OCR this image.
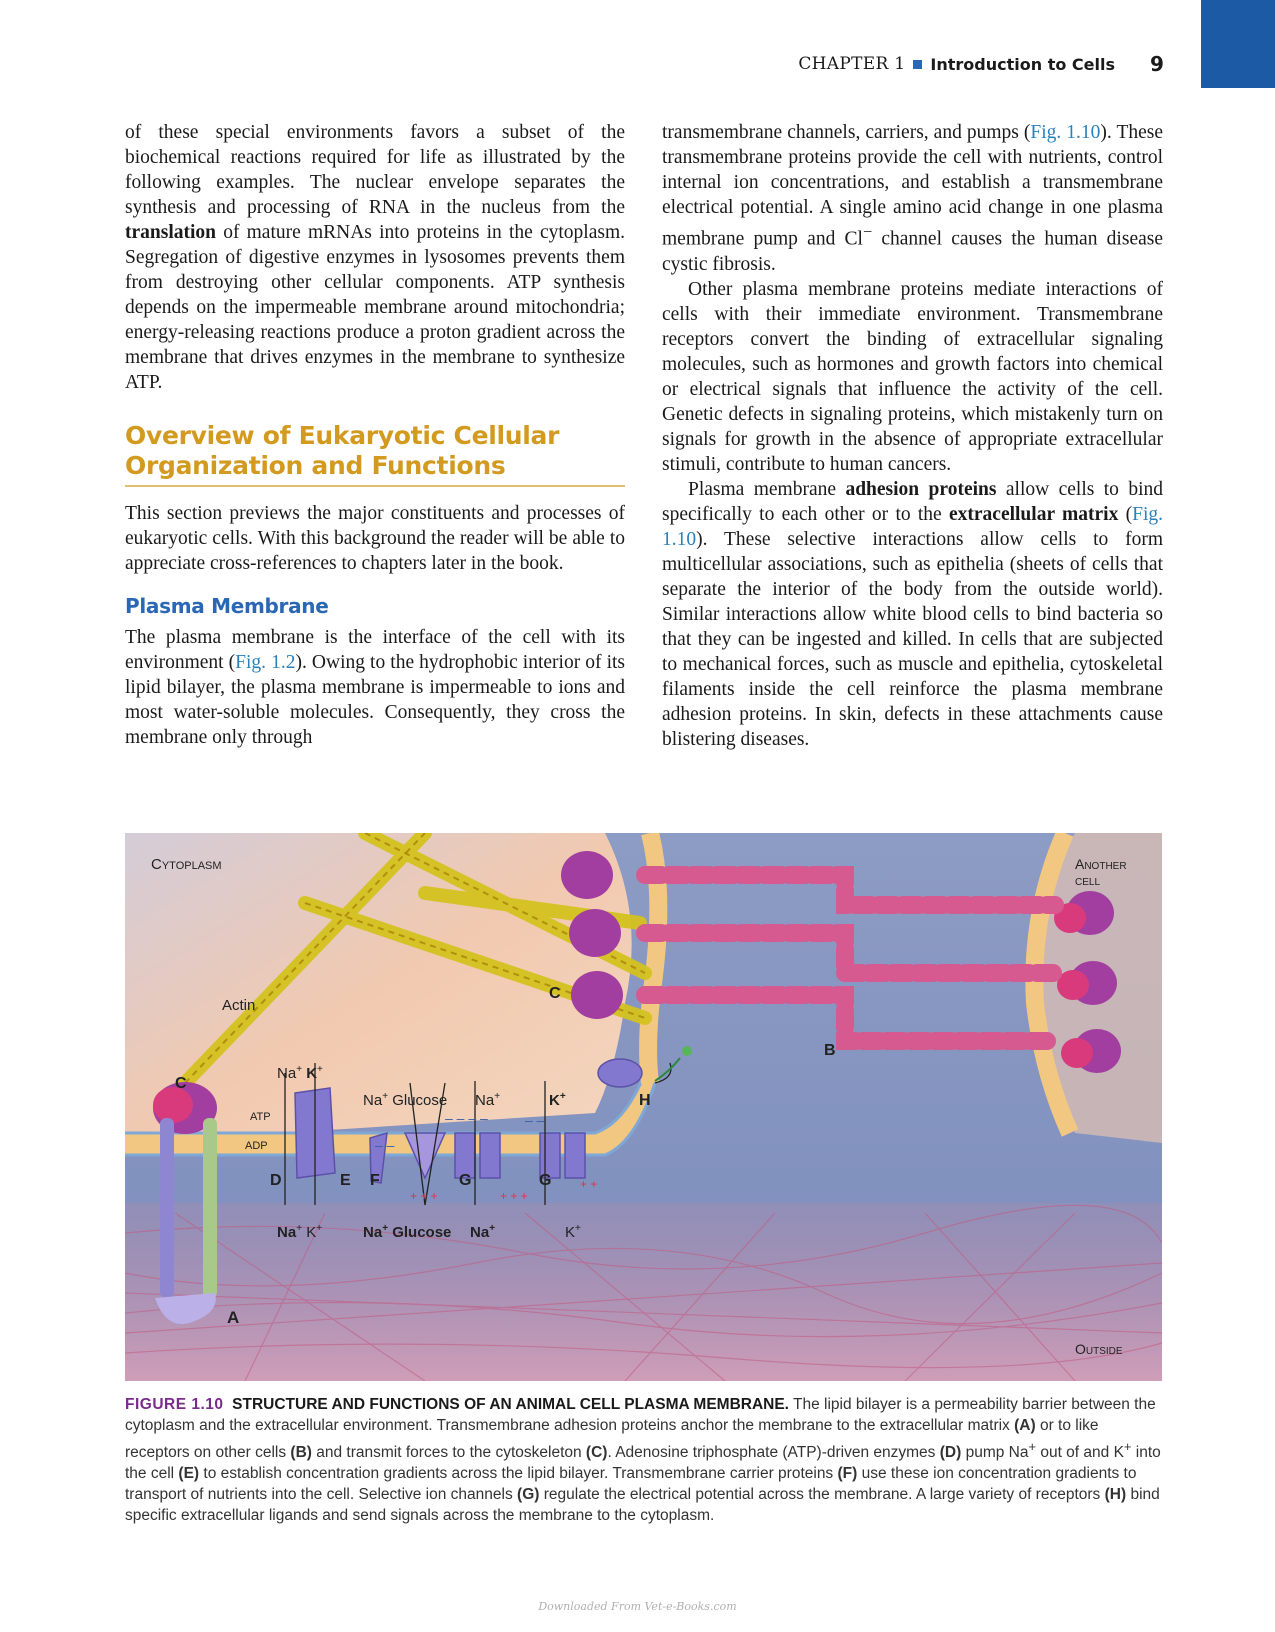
CHAPTER 1 Introduction to Cells 9

of these special environments favors a subset of the biochemical reactions required for life as illustrated by the following examples. The nuclear envelope separates the synthesis and processing of RNA in the nucleus from the translation of mature mRNAs into proteins in the cytoplasm. Segregation of digestive enzymes in lysosomes prevents them from destroying other cellular components. ATP synthesis depends on the impermeable membrane around mitochondria; energy-releasing reactions produce a proton gradient across the membrane that drives enzymes in the membrane to synthesize ATP.

Overview of Eukaryotic Cellular Organization and Functions

This section previews the major constituents and processes of eukaryotic cells. With this background the reader will be able to appreciate cross-references to chapters later in the book.

Plasma Membrane

The plasma membrane is the interface of the cell with its environment (Fig. 1.2). Owing to the hydrophobic interior of its lipid bilayer, the plasma membrane is impermeable to ions and most water-soluble molecules. Consequently, they cross the membrane only through

transmembrane channels, carriers, and pumps (Fig. 1.10). These transmembrane proteins provide the cell with nutrients, control internal ion concentrations, and establish a transmembrane electrical potential. A single amino acid change in one plasma membrane pump and Cl− channel causes the human disease cystic fibrosis.

Other plasma membrane proteins mediate interactions of cells with their immediate environment. Transmembrane receptors convert the binding of extracellular signaling molecules, such as hormones and growth factors into chemical or electrical signals that influence the activity of the cell. Genetic defects in signaling proteins, which mistakenly turn on signals for growth in the absence of appropriate extracellular stimuli, contribute to human cancers.

Plasma membrane adhesion proteins allow cells to bind specifically to each other or to the extracellular matrix (Fig. 1.10). These selective interactions allow cells to form multicellular associations, such as epithelia (sheets of cells that separate the interior of the body from the outside world). Similar interactions allow white blood cells to bind bacteria so that they can be ingested and killed. In cells that are subjected to mechanical forces, such as muscle and epithelia, cytoskeletal filaments inside the cell reinforce the plasma membrane adhesion proteins. In skin, defects in these attachments cause blistering diseases.

+ + +	+ + +
+ +
– –
– – – –	– –
Cytoplasm	Another
cell
Outside
Actin
A
B
C
C
D	E F	G	G
H
ATP
ADP
Na+ K+
Na+ Glucose Na+	K+
Na+ K+	Na+ Glucose Na+	K+
FIGURE 1.10 STRUCTURE AND FUNCTIONS OF AN ANIMAL CELL PLASMA MEMBRANE. The lipid bilayer is a permeability barrier between the cytoplasm and the extracellular environment. Transmembrane adhesion proteins anchor the membrane to the extracellular matrix (A) or to like receptors on other cells (B) and transmit forces to the cytoskeleton (C). Adenosine triphosphate (ATP)-driven enzymes (D) pump Na+ out of and K+ into the cell (E) to establish concentration gradients across the lipid bilayer. Transmembrane carrier proteins (F) use these ion concentration gradients to transport of nutrients into the cell. Selective ion channels (G) regulate the electrical potential across the membrane. A large variety of receptors (H) bind specific extracellular ligands and send signals across the membrane to the cytoplasm.
Downloaded From Vet-e-Books.com
